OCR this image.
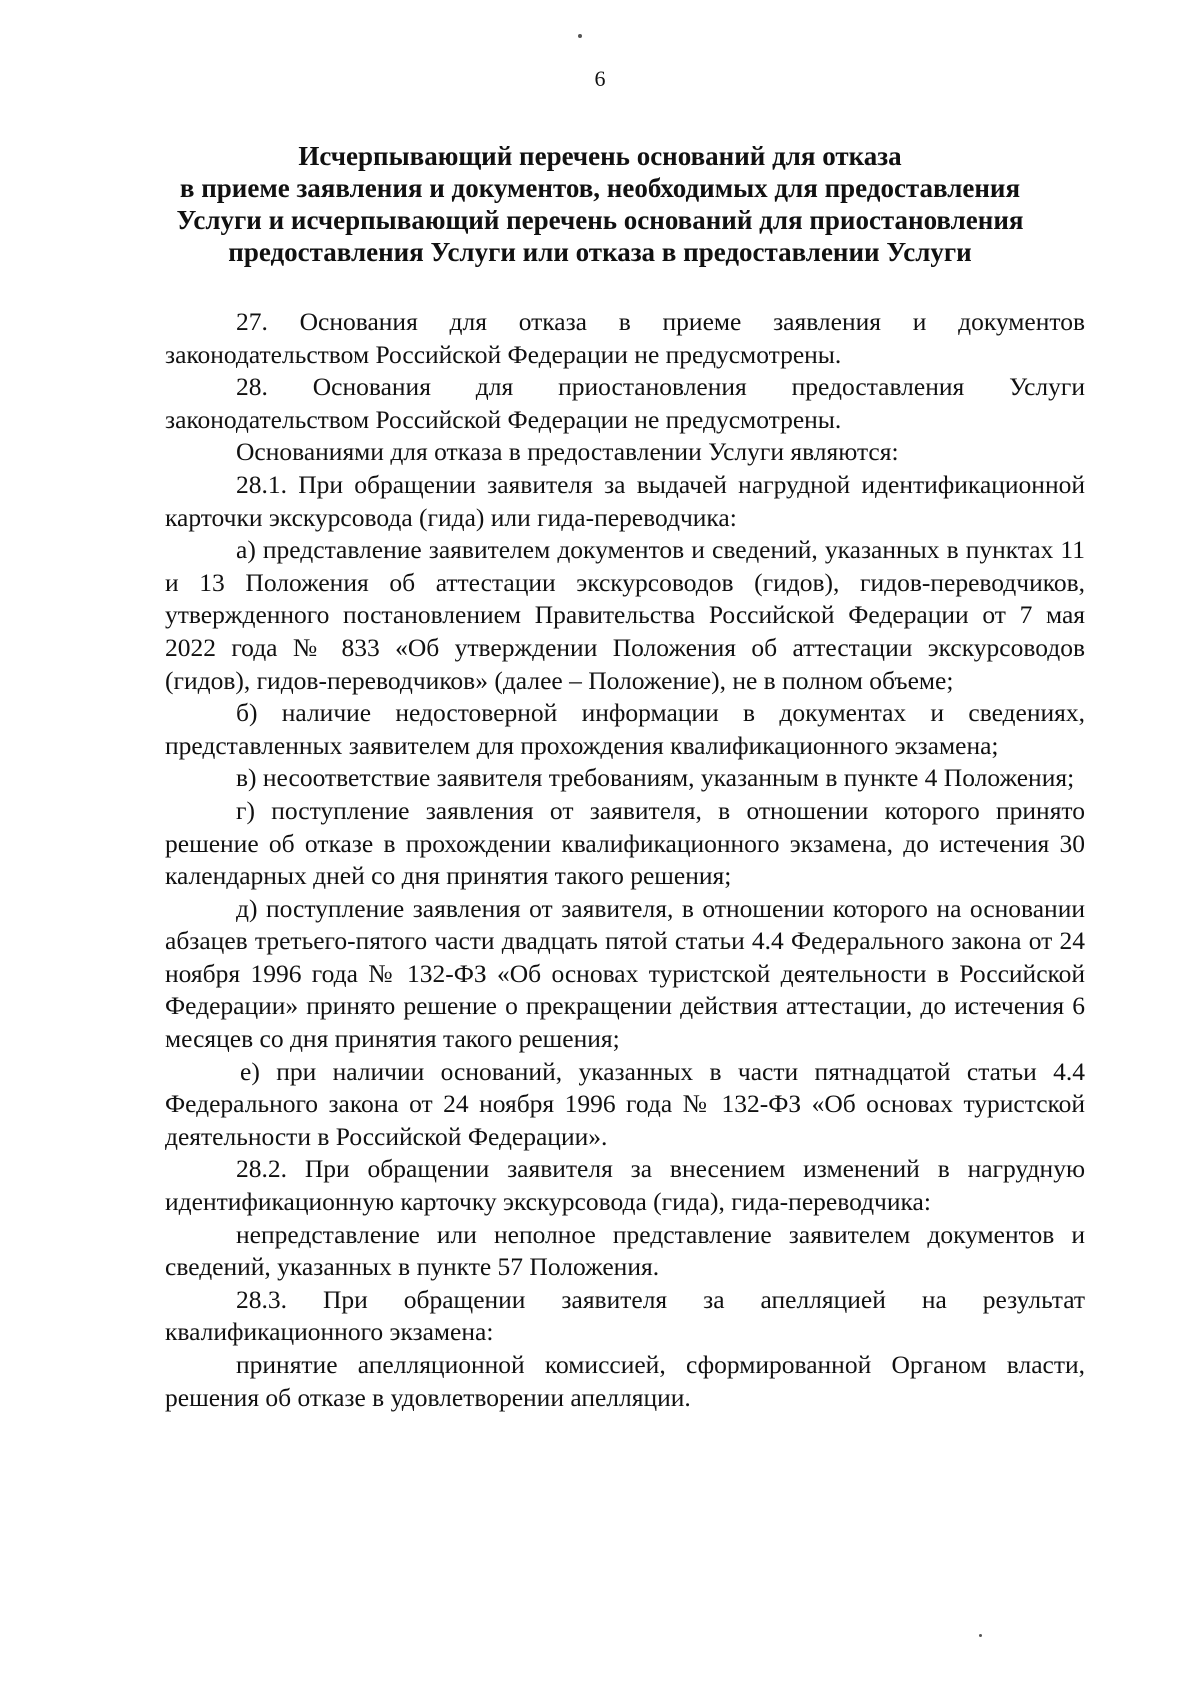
6
Исчерпывающий перечень оснований для отказа
в приеме заявления и документов, необходимых для предоставления
Услуги и исчерпывающий перечень оснований для приостановления
предоставления Услуги или отказа в предоставлении Услуги

27. Основания для отказа в приеме заявления и документов законодательством Российской Федерации не предусмотрены.

28. Основания для приостановления предоставления Услуги законодательством Российской Федерации не предусмотрены.

Основаниями для отказа в предоставлении Услуги являются:

28.1. При обращении заявителя за выдачей нагрудной идентификационной карточки экскурсовода (гида) или гида-переводчика:

а) представление заявителем документов и сведений, указанных в пунктах 11 и 13 Положения об аттестации экскурсоводов (гидов), гидов-переводчиков, утвержденного постановлением Правительства Российской Федерации от 7 мая 2022 года № 833 «Об утверждении Положения об аттестации экскурсоводов (гидов), гидов-переводчиков» (далее – Положение), не в полном объеме;

б) наличие недостоверной информации в документах и сведениях, представленных заявителем для прохождения квалификационного экзамена;

в) несоответствие заявителя требованиям, указанным в пункте 4 Положения;

г) поступление заявления от заявителя, в отношении которого принято решение об отказе в прохождении квалификационного экзамена, до истечения 30 календарных дней со дня принятия такого решения;

д) поступление заявления от заявителя, в отношении которого на основании абзацев третьего-пятого части двадцать пятой статьи 4.4 Федерального закона от 24 ноября 1996 года № 132-ФЗ «Об основах туристской деятельности в Российской Федерации» принято решение о прекращении действия аттестации, до истечения 6 месяцев со дня принятия такого решения;

е) при наличии оснований, указанных в части пятнадцатой статьи 4.4 Федерального закона от 24 ноября 1996 года № 132-ФЗ «Об основах туристской деятельности в Российской Федерации».

28.2. При обращении заявителя за внесением изменений в нагрудную идентификационную карточку экскурсовода (гида), гида-переводчика:

непредставление или неполное представление заявителем документов и сведений, указанных в пункте 57 Положения.

28.3. При обращении заявителя за апелляцией на результат квалификационного экзамена:

принятие апелляционной комиссией, сформированной Органом власти, решения об отказе в удовлетворении апелляции.
